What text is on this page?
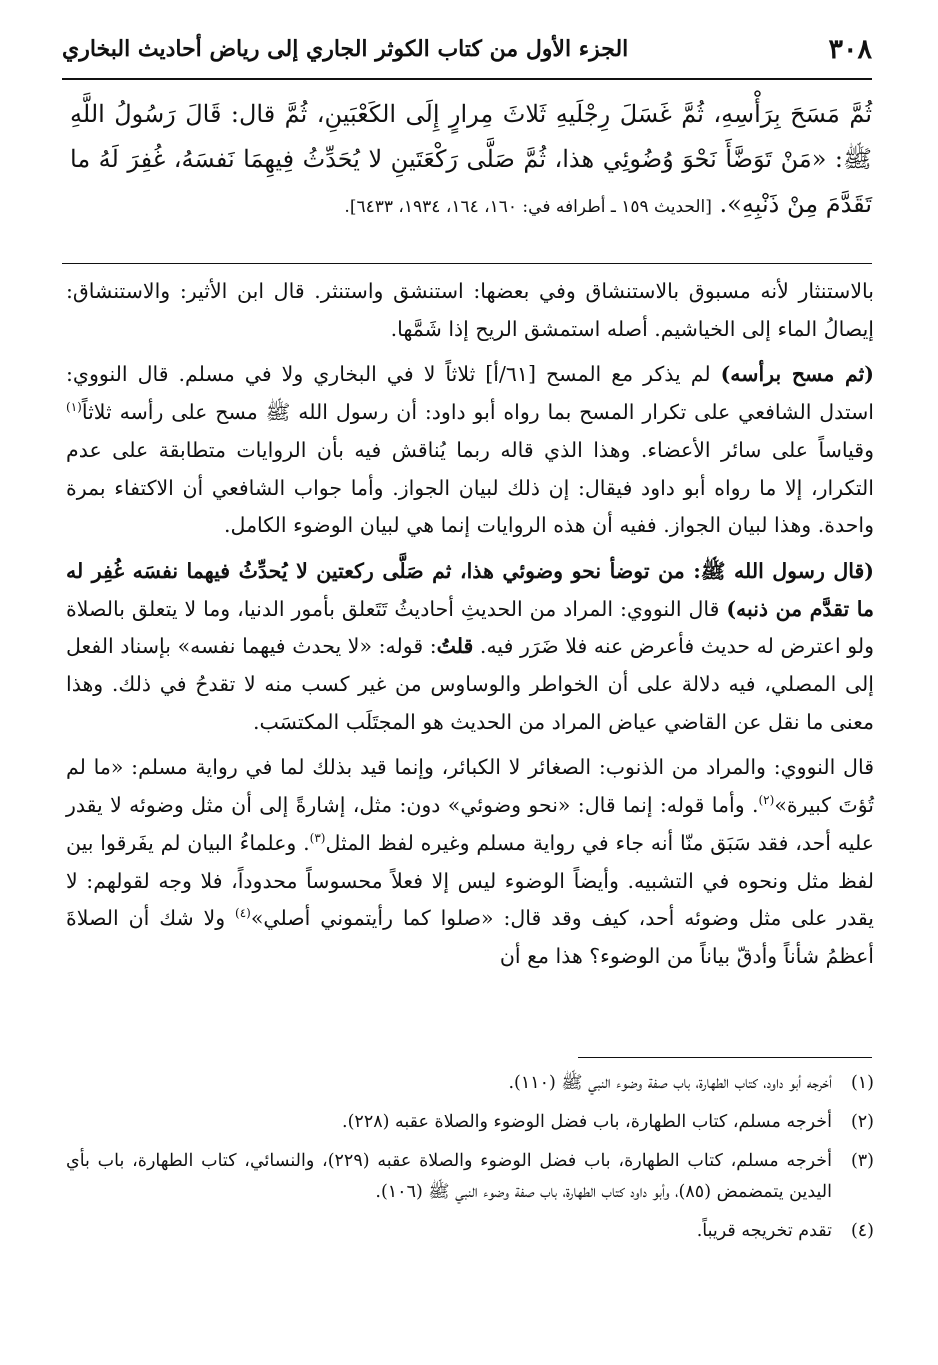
٣٠٨
الجزء الأول من كتاب الكوثر الجاري إلى رياض أحاديث البخاري
ثُمَّ مَسَحَ بِرَأْسِهِ، ثُمَّ غَسَلَ رِجْلَيهِ ثَلاثَ مِرارٍ إِلَى الكَعْبَينِ، ثُمَّ قال: قَالَ رَسُولُ اللَّهِ ﷺ: «مَنْ تَوَضَّأَ نَحْوَ وُضُوئِي هذا، ثُمَّ صَلَّى رَكْعَتَينِ لا يُحَدِّثُ فِيهِمَا نَفسَهُ، غُفِرَ لَهُ ما تَقَدَّمَ مِنْ ذَنْبِهِ». [الحديث ١٥٩ ـ أطرافه في: ١٦٠، ١٦٤، ١٩٣٤، ٦٤٣٣].

بالاستنثار لأنه مسبوق بالاستنشاق وفي بعضها: استنشق واستنثر. قال ابن الأثير: والاستنشاق: إيصالُ الماء إلى الخياشيم. أصله استمشق الريح إذا شَمَّها.

(ثم مسح برأسه) لم يذكر مع المسح [٦١/أ] ثلاثاً لا في البخاري ولا في مسلم. قال النووي: استدل الشافعي على تكرار المسح بما رواه أبو داود: أن رسول الله ﷺ مسح على رأسه ثلاثاً$^{(١)}$ وقياساً على سائر الأعضاء. وهذا الذي قاله ربما يُناقش فيه بأن الروايات متطابقة على عدم التكرار، إلا ما رواه أبو داود فيقال: إن ذلك لبيان الجواز. وأما جواب الشافعي أن الاكتفاء بمرة واحدة. وهذا لبيان الجواز. ففيه أن هذه الروايات إنما هي لبيان الوضوء الكامل.

(قال رسول الله ﷺ: من توضأ نحو وضوئي هذا، ثم صَلَّى ركعتين لا يُحدِّثُ فيهما نفسَه غُفِر له ما تقدَّم من ذنبه) قال النووي: المراد من الحديثِ أحاديثُ تَتَعلق بأمور الدنيا، وما لا يتعلق بالصلاة ولو اعترض له حديث فأعرض عنه فلا ضَرَر فيه. قلتُ: قوله: «لا يحدث فيهما نفسه» بإسناد الفعل إلى المصلي، فيه دلالة على أن الخواطر والوساوس من غير كسب منه لا تقدحُ في ذلك. وهذا معنى ما نقل عن القاضي عياض المراد من الحديث هو المجتَلَب المكتسَب.

قال النووي: والمراد من الذنوب: الصغائر لا الكبائر، وإنما قيد بذلك لما في رواية مسلم: «ما لم تُؤتَ كبيرة»$^{(٢)}$. وأما قوله: إنما قال: «نحو وضوئي» دون: مثل، إشارةً إلى أن مثل وضوئه لا يقدر عليه أحد، فقد سَبَق منّا أنه جاء في رواية مسلم وغيره لفظ المثل$^{(٣)}$. وعلماءُ البيان لم يفَرقوا بين لفظ مثل ونحوه في التشبيه. وأيضاً الوضوء ليس إلا فعلاً محسوساً محدوداً، فلا وجه لقولهم: لا يقدر على مثل وضوئه أحد، كيف وقد قال: «صلوا كما رأيتموني أصلي»$^{(٤)}$ ولا شك أن الصلاةَ أعظمُ شأناً وأدقّ بياناً من الوضوء؟ هذا مع أن

(١)
أخرجه أبو داود، كتاب الطهارة، باب صفة وضوء النبي ﷺ (١١٠).
(٢)
أخرجه مسلم، كتاب الطهارة، باب فضل الوضوء والصلاة عقبه (٢٢٨).
(٣)
أخرجه مسلم، كتاب الطهارة، باب فضل الوضوء والصلاة عقبه (٢٢٩)، والنسائي، كتاب الطهارة، باب بأي اليدين يتمضمض (٨٥)، وأبو داود كتاب الطهارة، باب صفة وضوء النبي ﷺ (١٠٦).
(٤)
تقدم تخريجه قريباً.
